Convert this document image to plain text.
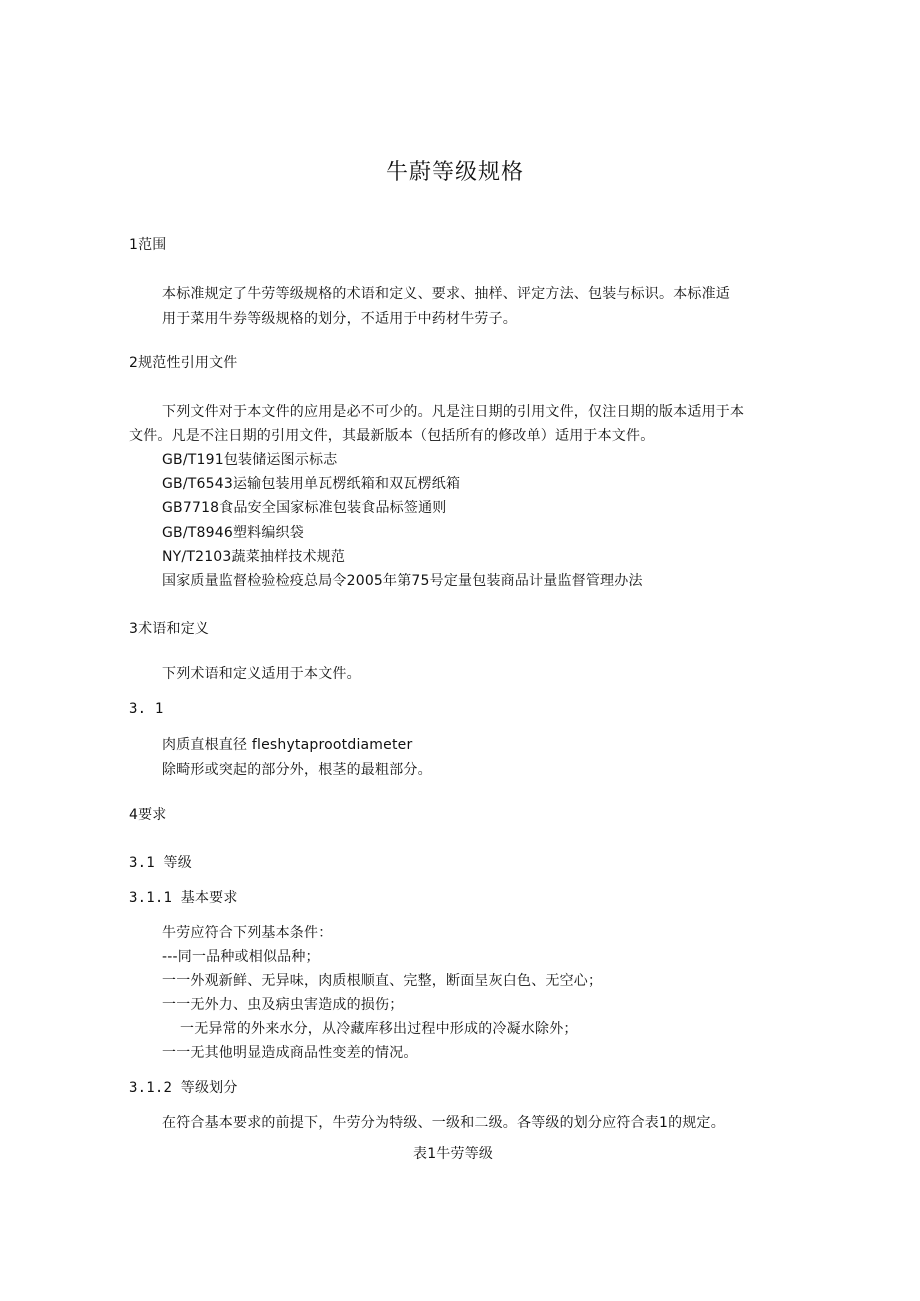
牛蔚等级规格
1范围
本标准规定了牛劳等级规格的术语和定义、要求、抽样、评定方法、包装与标识。本标准适
用于菜用牛券等级规格的划分，不适用于中药材牛劳子。
2规范性引用文件
下列文件对于本文件的应用是必不可少的。凡是注日期的引用文件，仅注日期的版本适用于本
文件。凡是不注日期的引用文件，其最新版本（包括所有的修改单）适用于本文件。
GB/T191包装储运图示标志
GB/T6543运输包装用单瓦楞纸箱和双瓦楞纸箱
GB7718食品安全国家标准包装食品标签通则
GB/T8946塑料编织袋
NY/T2103蔬菜抽样技术规范
国家质量监督检验检疫总局令2005年第75号定量包装商品计量监督管理办法
3术语和定义
下列术语和定义适用于本文件。
3. 1
肉质直根直径 fleshytaprootdiameter
除畸形或突起的部分外，根茎的最粗部分。
4要求
3.1 等级
3.1.1 基本要求
牛劳应符合下列基本条件：
---同一品种或相似品种；
一一外观新鲜、无异味，肉质根顺直、完整，断面呈灰白色、无空心；
一一无外力、虫及病虫害造成的损伤；
一无异常的外来水分，从冷藏库移出过程中形成的冷凝水除外；
一一无其他明显造成商品性变差的情况。
3.1.2 等级划分
在符合基本要求的前提下，牛劳分为特级、一级和二级。各等级的划分应符合表1的规定。
表1牛劳等级
